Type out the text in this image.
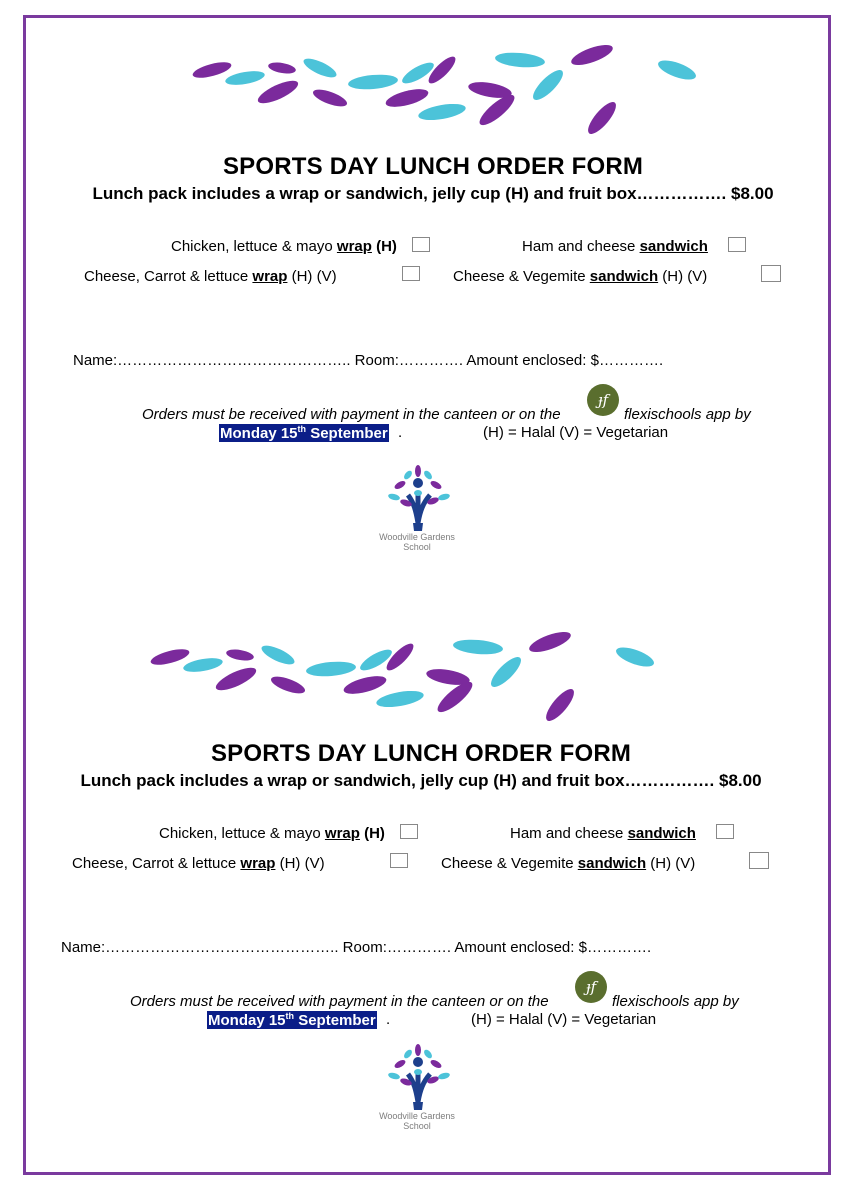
SPORTS DAY LUNCH ORDER FORM
Lunch pack includes a wrap or sandwich, jelly cup (H) and fruit box……………. $8.00
Chicken, lettuce & mayo wrap (H)	Ham and cheese sandwich
Cheese, Carrot & lettuce wrap (H) (V)	Cheese & Vegemite sandwich (H) (V)
Name:……………………………………….. Room:…………. Amount enclosed: $………….
Orders must be received with payment in the canteen or on the
ɟf
flexischools app by
Monday 15th September .	(H) = Halal (V) = Vegetarian
Woodville Gardens
School
SPORTS DAY LUNCH ORDER FORM
Lunch pack includes a wrap or sandwich, jelly cup (H) and fruit box……………. $8.00
Chicken, lettuce & mayo wrap (H)	Ham and cheese sandwich
Cheese, Carrot & lettuce wrap (H) (V)	Cheese & Vegemite sandwich (H) (V)
Name:……………………………………….. Room:…………. Amount enclosed: $………….
Orders must be received with payment in the canteen or on the
ɟf
flexischools app by
Monday 15th September .	(H) = Halal (V) = Vegetarian
Woodville Gardens
School
